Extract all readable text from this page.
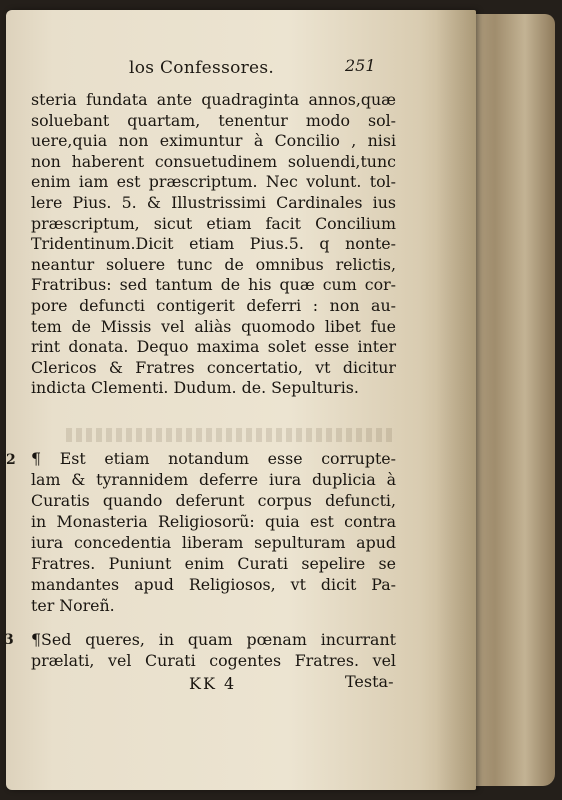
los Confessores.	251
steria fundata ante quadraginta annos,quæ
soluebant quartam, tenentur modo sol-
uere,quia non eximuntur à Concilio , nisi
non haberent consuetudinem soluendi,tunc
enim iam est præscriptum. Nec volunt. tol-
lere Pius. 5. & Illustrissimi Cardinales ius
præscriptum, sicut etiam facit Concilium
Tridentinum.Dicit etiam Pius.5. q nonte-
neantur soluere tunc de omnibus relictis,
Fratribus: sed tantum de his quæ cum cor-
pore defuncti contigerit deferri : non au-
tem de Missis vel aliàs quomodo libet fue
rint donata. Dequo maxima solet esse inter
Clericos & Fratres concertatio, vt dicitur
indicta Clementi. Dudum. de. Sepulturis.
2 ¶ Est etiam notandum esse corrupte-
lam & tyrannidem deferre iura duplicia à
Curatis quando deferunt corpus defuncti,
in Monasteria Religiosorũ: quia est contra
iura concedentia liberam sepulturam apud
Fratres. Puniunt enim Curati sepelire se
mandantes apud Religiosos, vt dicit Pa-
ter Noreñ.
3 ¶Sed queres, in quam pœnam incurrant
prælati, vel Curati cogentes Fratres. vel
KK 4	Testa-
